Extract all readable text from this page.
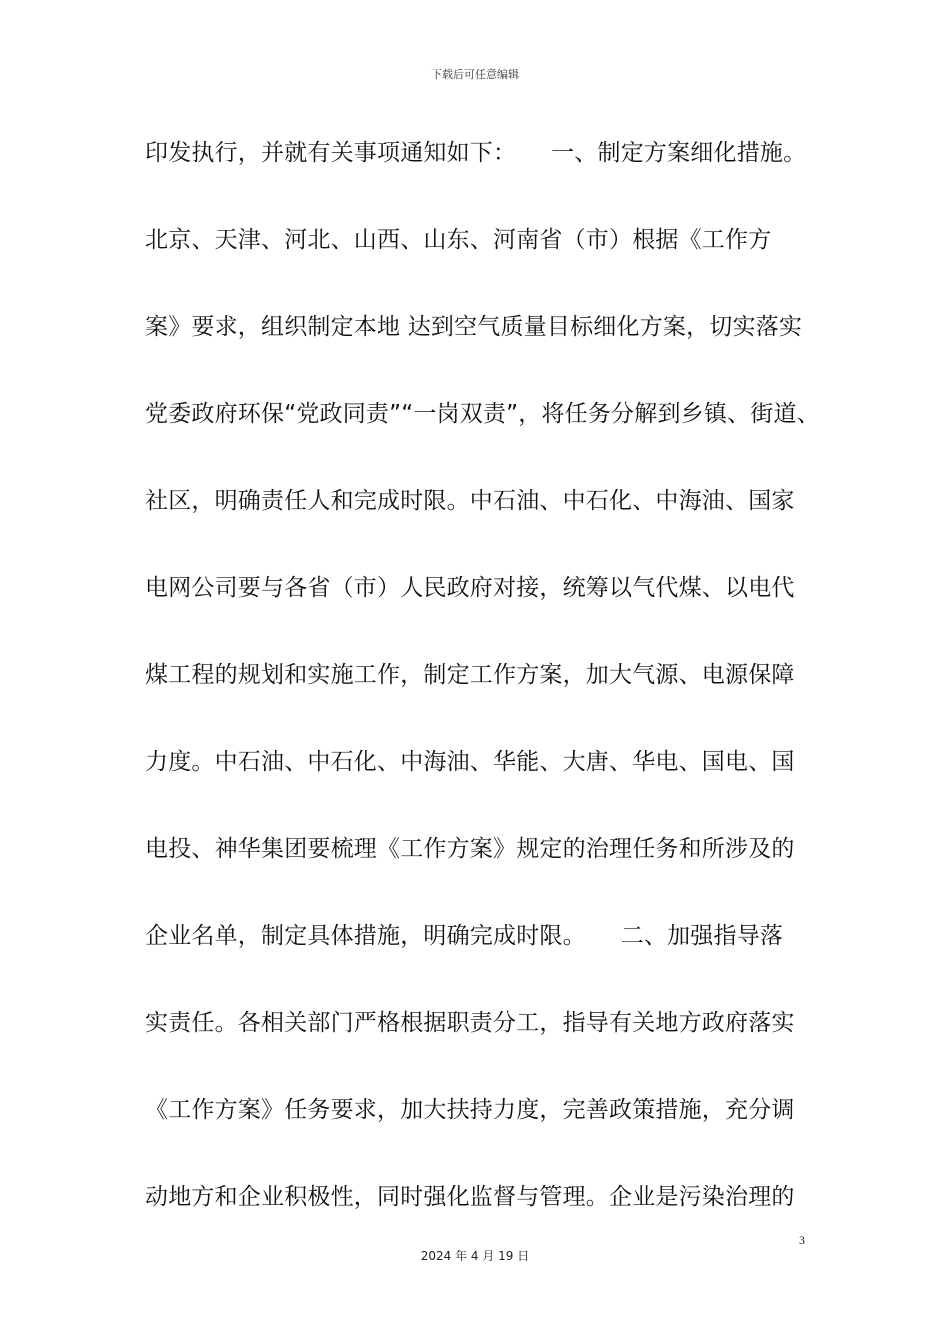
下载后可任意编辑
印发执行，并就有关事项通知如下：　　一、制定方案细化措施。
北京、天津、河北、山西、山东、河南省（市）根据《工作方
案》要求，组织制定本地 达到空气质量目标细化方案，切实落实
党委政府环保“党政同责”“一岗双责”，将任务分解到乡镇、街道、
社区，明确责任人和完成时限。中石油、中石化、中海油、国家
电网公司要与各省（市）人民政府对接，统筹以气代煤、以电代
煤工程的规划和实施工作，制定工作方案，加大气源、电源保障
力度。中石油、中石化、中海油、华能、大唐、华电、国电、国
电投、神华集团要梳理《工作方案》规定的治理任务和所涉及的
企业名单，制定具体措施，明确完成时限。　　二、加强指导落
实责任。各相关部门严格根据职责分工，指导有关地方政府落实
《工作方案》任务要求，加大扶持力度，完善政策措施，充分调
动地方和企业积极性，同时强化监督与管理。企业是污染治理的
3
2024 年 4 月 19 日
